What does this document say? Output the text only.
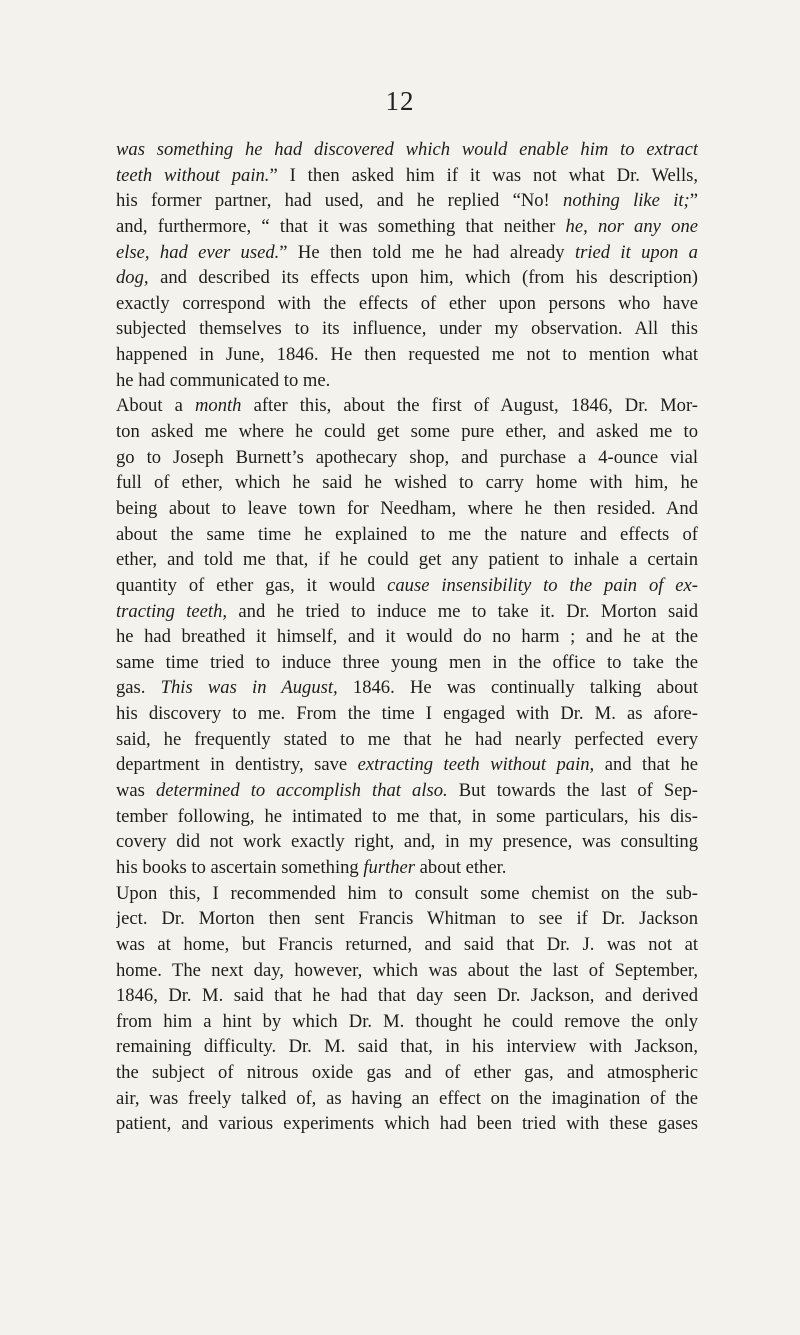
12
was something he had discovered which would enable him to extract
teeth without pain.” I then asked him if it was not what Dr. Wells,
his former partner, had used, and he replied “No! nothing like it;”
and, furthermore, “ that it was something that neither he, nor any one
else, had ever used.” He then told me he had already tried it upon a
dog, and described its effects upon him, which (from his description)
exactly correspond with the effects of ether upon persons who have
subjected themselves to its influence, under my observation. All this
happened in June, 1846. He then requested me not to mention what
he had communicated to me.
About a month after this, about the first of August, 1846, Dr. Mor-
ton asked me where he could get some pure ether, and asked me to
go to Joseph Burnett’s apothecary shop, and purchase a 4-ounce vial
full of ether, which he said he wished to carry home with him, he
being about to leave town for Needham, where he then resided. And
about the same time he explained to me the nature and effects of
ether, and told me that, if he could get any patient to inhale a certain
quantity of ether gas, it would cause insensibility to the pain of ex-
tracting teeth, and he tried to induce me to take it. Dr. Morton said
he had breathed it himself, and it would do no harm ; and he at the
same time tried to induce three young men in the office to take the
gas. This was in August, 1846. He was continually talking about
his discovery to me. From the time I engaged with Dr. M. as afore-
said, he frequently stated to me that he had nearly perfected every
department in dentistry, save extracting teeth without pain, and that he
was determined to accomplish that also. But towards the last of Sep-
tember following, he intimated to me that, in some particulars, his dis-
covery did not work exactly right, and, in my presence, was consulting
his books to ascertain something further about ether.
Upon this, I recommended him to consult some chemist on the sub-
ject. Dr. Morton then sent Francis Whitman to see if Dr. Jackson
was at home, but Francis returned, and said that Dr. J. was not at
home. The next day, however, which was about the last of September,
1846, Dr. M. said that he had that day seen Dr. Jackson, and derived
from him a hint by which Dr. M. thought he could remove the only
remaining difficulty. Dr. M. said that, in his interview with Jackson,
the subject of nitrous oxide gas and of ether gas, and atmospheric
air, was freely talked of, as having an effect on the imagination of the
patient, and various experiments which had been tried with these gases
